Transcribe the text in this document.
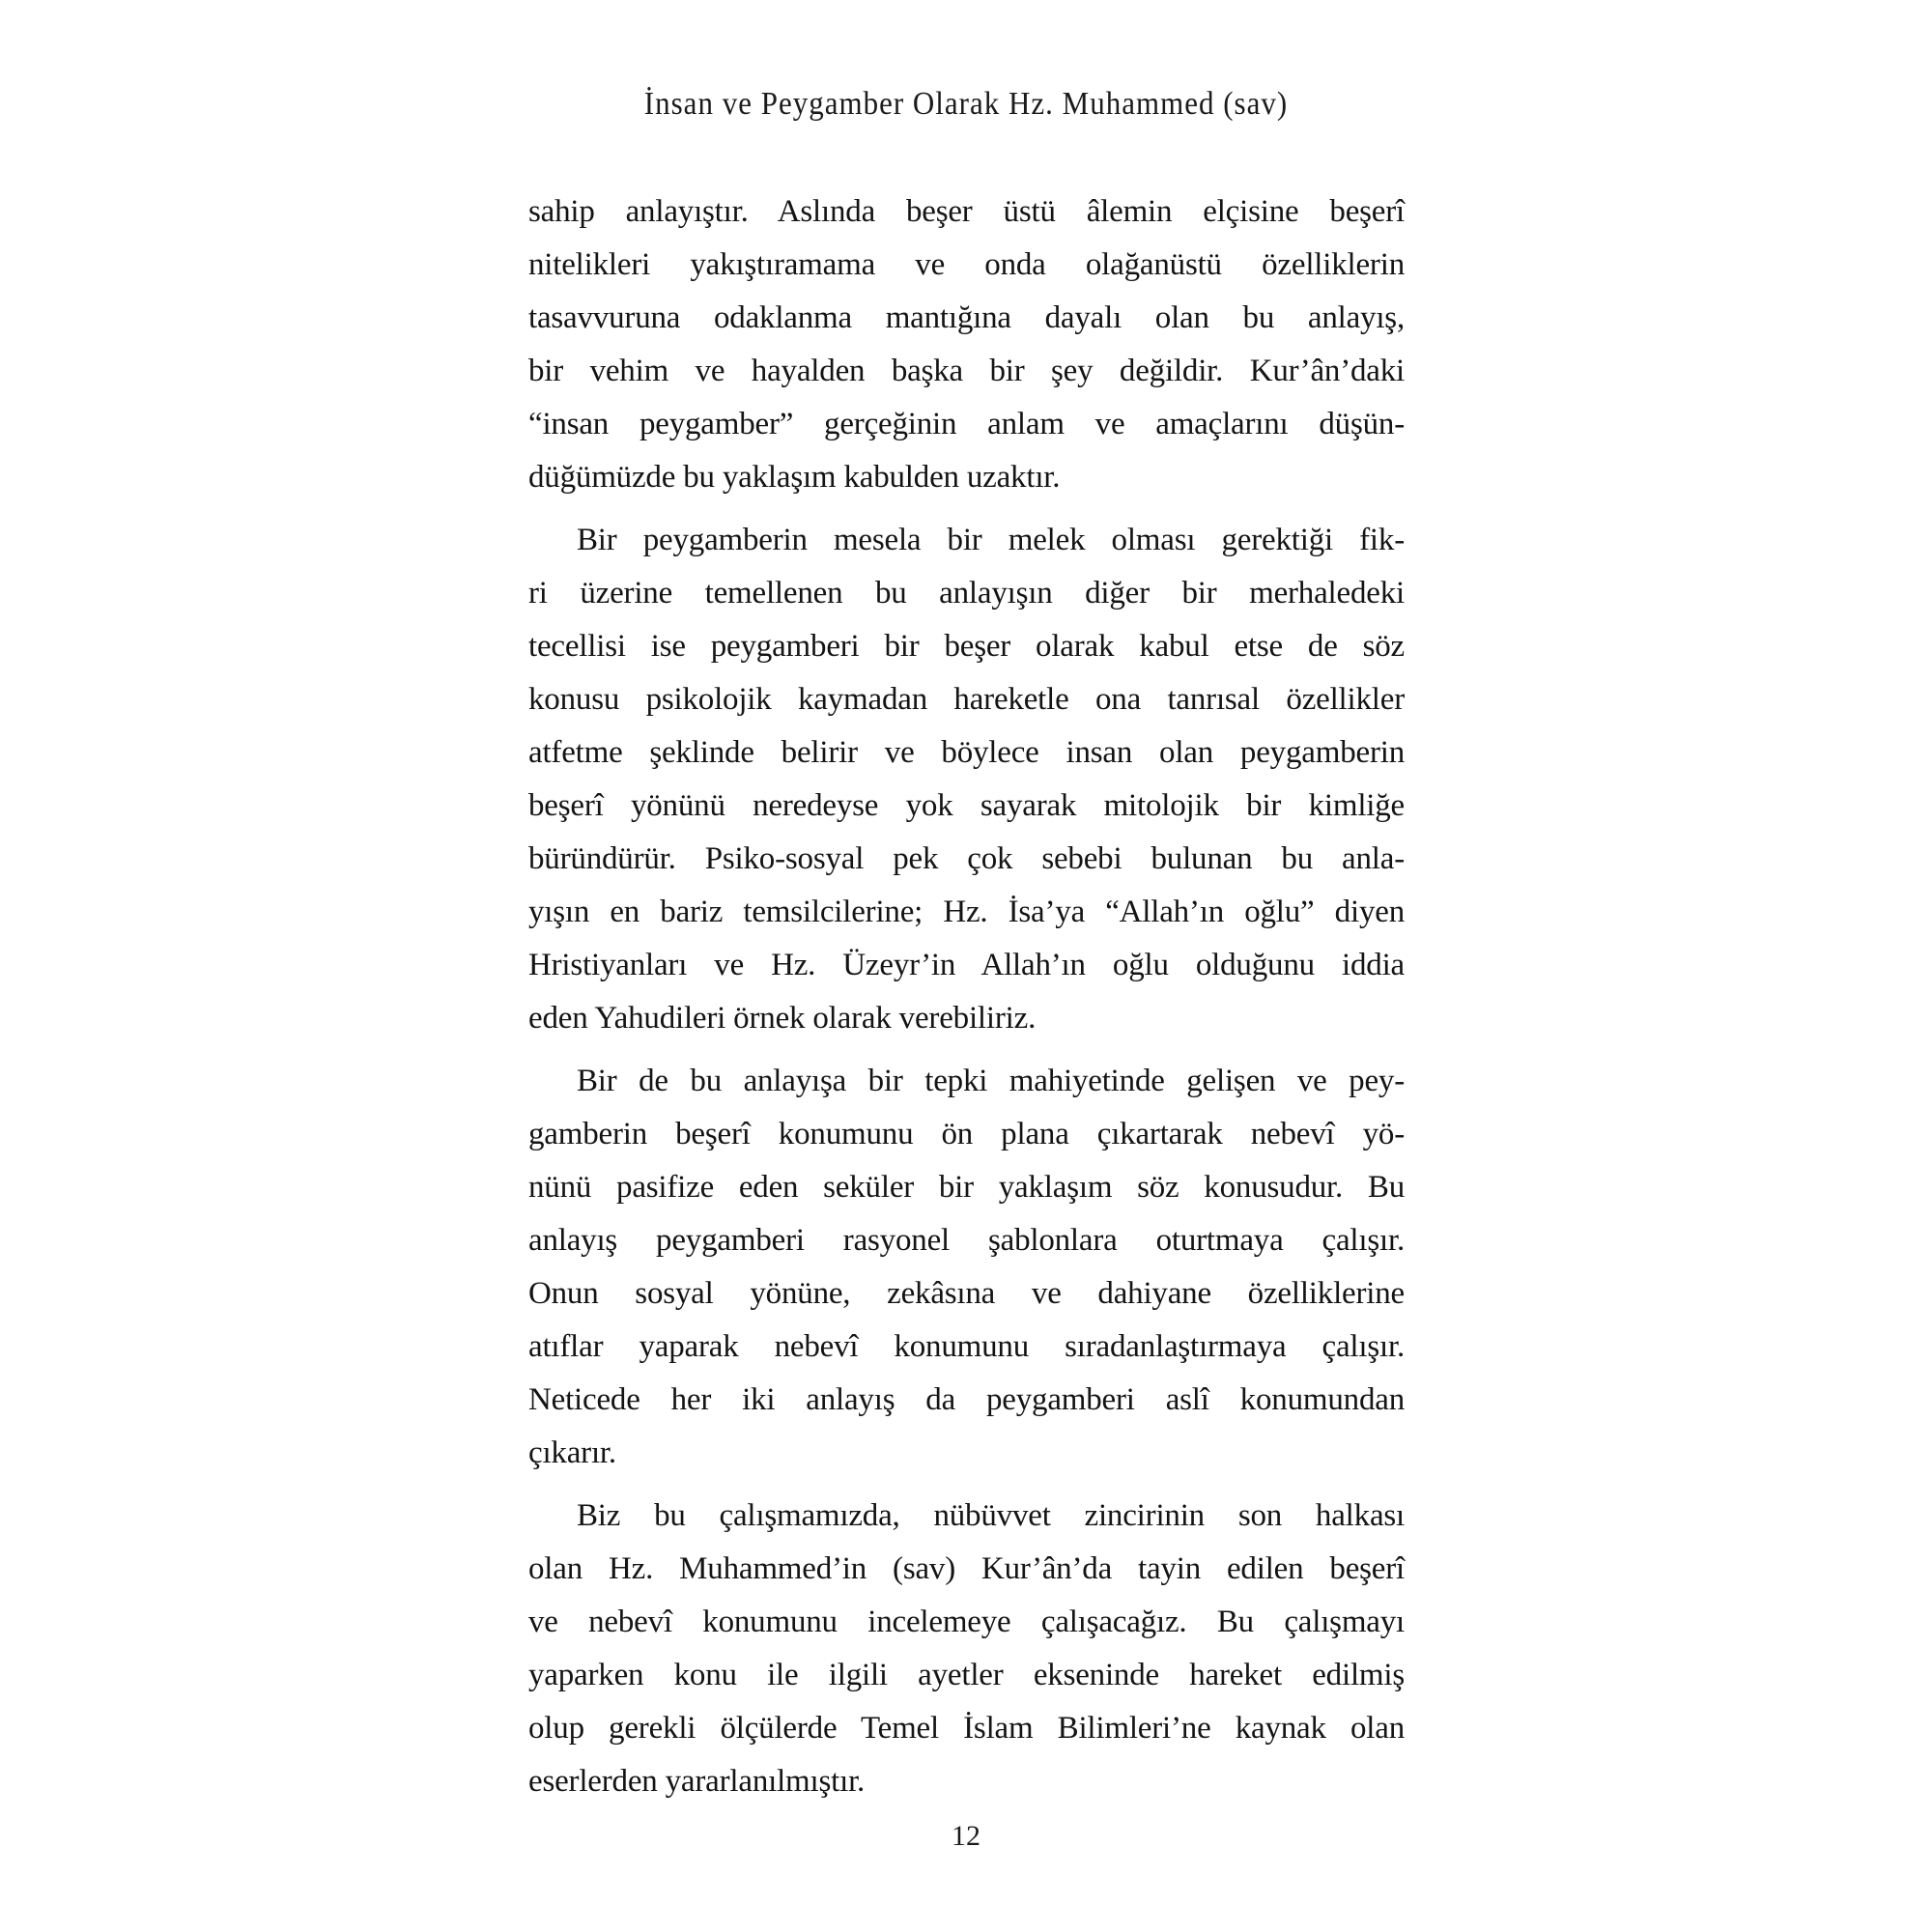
İnsan ve Peygamber Olarak Hz. Muhammed (sav)
sahip anlayıştır. Aslında beşer üstü âlemin elçisine beşerî
nitelikleri yakıştıramama ve onda olağanüstü özelliklerin
tasavvuruna odaklanma mantığına dayalı olan bu anlayış,
bir vehim ve hayalden başka bir şey değildir. Kur’ân’daki
“insan peygamber” gerçeğinin anlam ve amaçlarını düşün-
düğümüzde bu yaklaşım kabulden uzaktır.
Bir peygamberin mesela bir melek olması gerektiği fik-
ri üzerine temellenen bu anlayışın diğer bir merhaledeki
tecellisi ise peygamberi bir beşer olarak kabul etse de söz
konusu psikolojik kaymadan hareketle ona tanrısal özellikler
atfetme şeklinde belirir ve böylece insan olan peygamberin
beşerî yönünü neredeyse yok sayarak mitolojik bir kimliğe
büründürür. Psiko-sosyal pek çok sebebi bulunan bu anla-
yışın en bariz temsilcilerine; Hz. İsa’ya “Allah’ın oğlu” diyen
Hristiyanları ve Hz. Üzeyr’in Allah’ın oğlu olduğunu iddia
eden Yahudileri örnek olarak verebiliriz.
Bir de bu anlayışa bir tepki mahiyetinde gelişen ve pey-
gamberin beşerî konumunu ön plana çıkartarak nebevî yö-
nünü pasifize eden seküler bir yaklaşım söz konusudur. Bu
anlayış peygamberi rasyonel şablonlara oturtmaya çalışır.
Onun sosyal yönüne, zekâsına ve dahiyane özelliklerine
atıflar yaparak nebevî konumunu sıradanlaştırmaya çalışır.
Neticede her iki anlayış da peygamberi aslî konumundan
çıkarır.
Biz bu çalışmamızda, nübüvvet zincirinin son halkası
olan Hz. Muhammed’in (sav) Kur’ân’da tayin edilen beşerî
ve nebevî konumunu incelemeye çalışacağız. Bu çalışmayı
yaparken konu ile ilgili ayetler ekseninde hareket edilmiş
olup gerekli ölçülerde Temel İslam Bilimleri’ne kaynak olan
eserlerden yararlanılmıştır.
12
